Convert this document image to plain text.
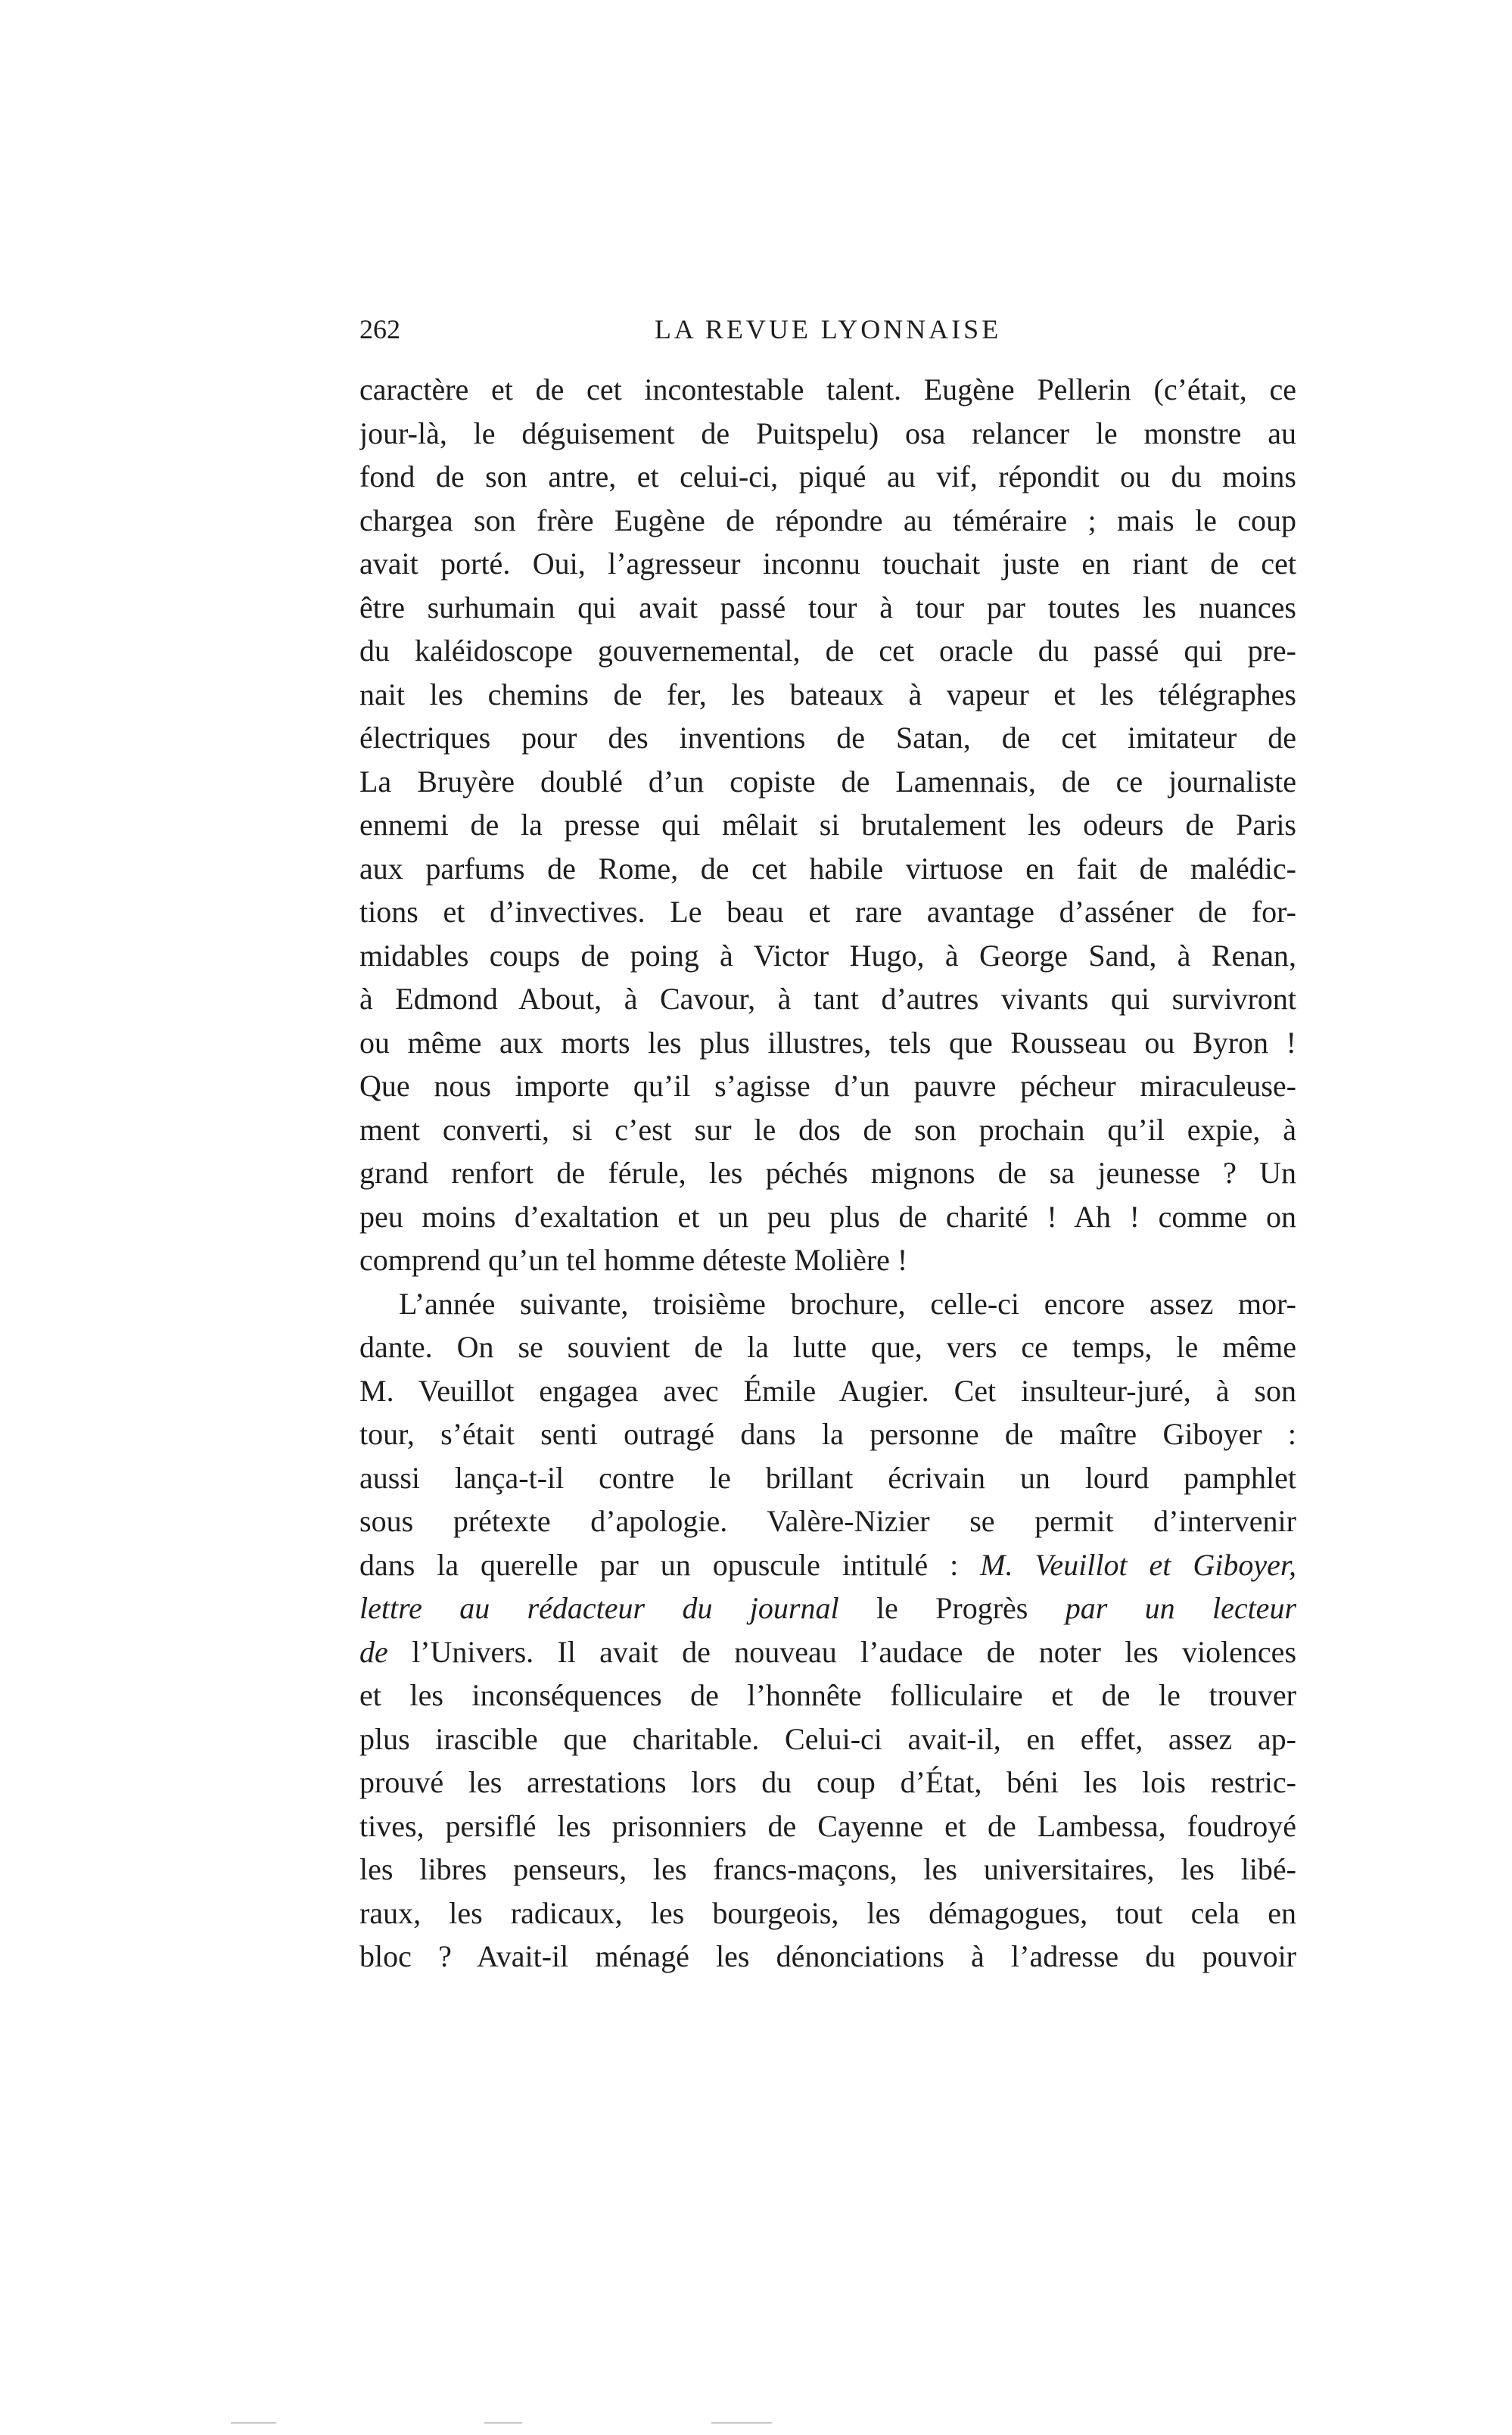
262	LA REVUE LYONNAISE
caractère et de cet incontestable talent. Eugène Pellerin (c’était, ce
jour-là, le déguisement de Puitspelu) osa relancer le monstre au
fond de son antre, et celui-ci, piqué au vif, répondit ou du moins
chargea son frère Eugène de répondre au téméraire ; mais le coup
avait porté. Oui, l’agresseur inconnu touchait juste en riant de cet
être surhumain qui avait passé tour à tour par toutes les nuances
du kaléidoscope gouvernemental, de cet oracle du passé qui pre-
nait les chemins de fer, les bateaux à vapeur et les télégraphes
électriques pour des inventions de Satan, de cet imitateur de
La Bruyère doublé d’un copiste de Lamennais, de ce journaliste
ennemi de la presse qui mêlait si brutalement les odeurs de Paris
aux parfums de Rome, de cet habile virtuose en fait de malédic-
tions et d’invectives. Le beau et rare avantage d’asséner de for-
midables coups de poing à Victor Hugo, à George Sand, à Renan,
à Edmond About, à Cavour, à tant d’autres vivants qui survivront
ou même aux morts les plus illustres, tels que Rousseau ou Byron !
Que nous importe qu’il s’agisse d’un pauvre pécheur miraculeuse-
ment converti, si c’est sur le dos de son prochain qu’il expie, à
grand renfort de férule, les péchés mignons de sa jeunesse ? Un
peu moins d’exaltation et un peu plus de charité ! Ah ! comme on
comprend qu’un tel homme déteste Molière !
L’année suivante, troisième brochure, celle-ci encore assez mor-
dante. On se souvient de la lutte que, vers ce temps, le même
M. Veuillot engagea avec Émile Augier. Cet insulteur-juré, à son
tour, s’était senti outragé dans la personne de maître Giboyer :
aussi lança-t-il contre le brillant écrivain un lourd pamphlet
sous prétexte d’apologie. Valère-Nizier se permit d’intervenir
dans la querelle par un opuscule intitulé : M. Veuillot et Giboyer,
lettre au rédacteur du journal le Progrès par un lecteur
de l’Univers. Il avait de nouveau l’audace de noter les violences
et les inconséquences de l’honnête folliculaire et de le trouver
plus irascible que charitable. Celui-ci avait-il, en effet, assez ap-
prouvé les arrestations lors du coup d’État, béni les lois restric-
tives, persiflé les prisonniers de Cayenne et de Lambessa, foudroyé
les libres penseurs, les francs-maçons, les universitaires, les libé-
raux, les radicaux, les bourgeois, les démagogues, tout cela en
bloc ? Avait-il ménagé les dénonciations à l’adresse du pouvoir
